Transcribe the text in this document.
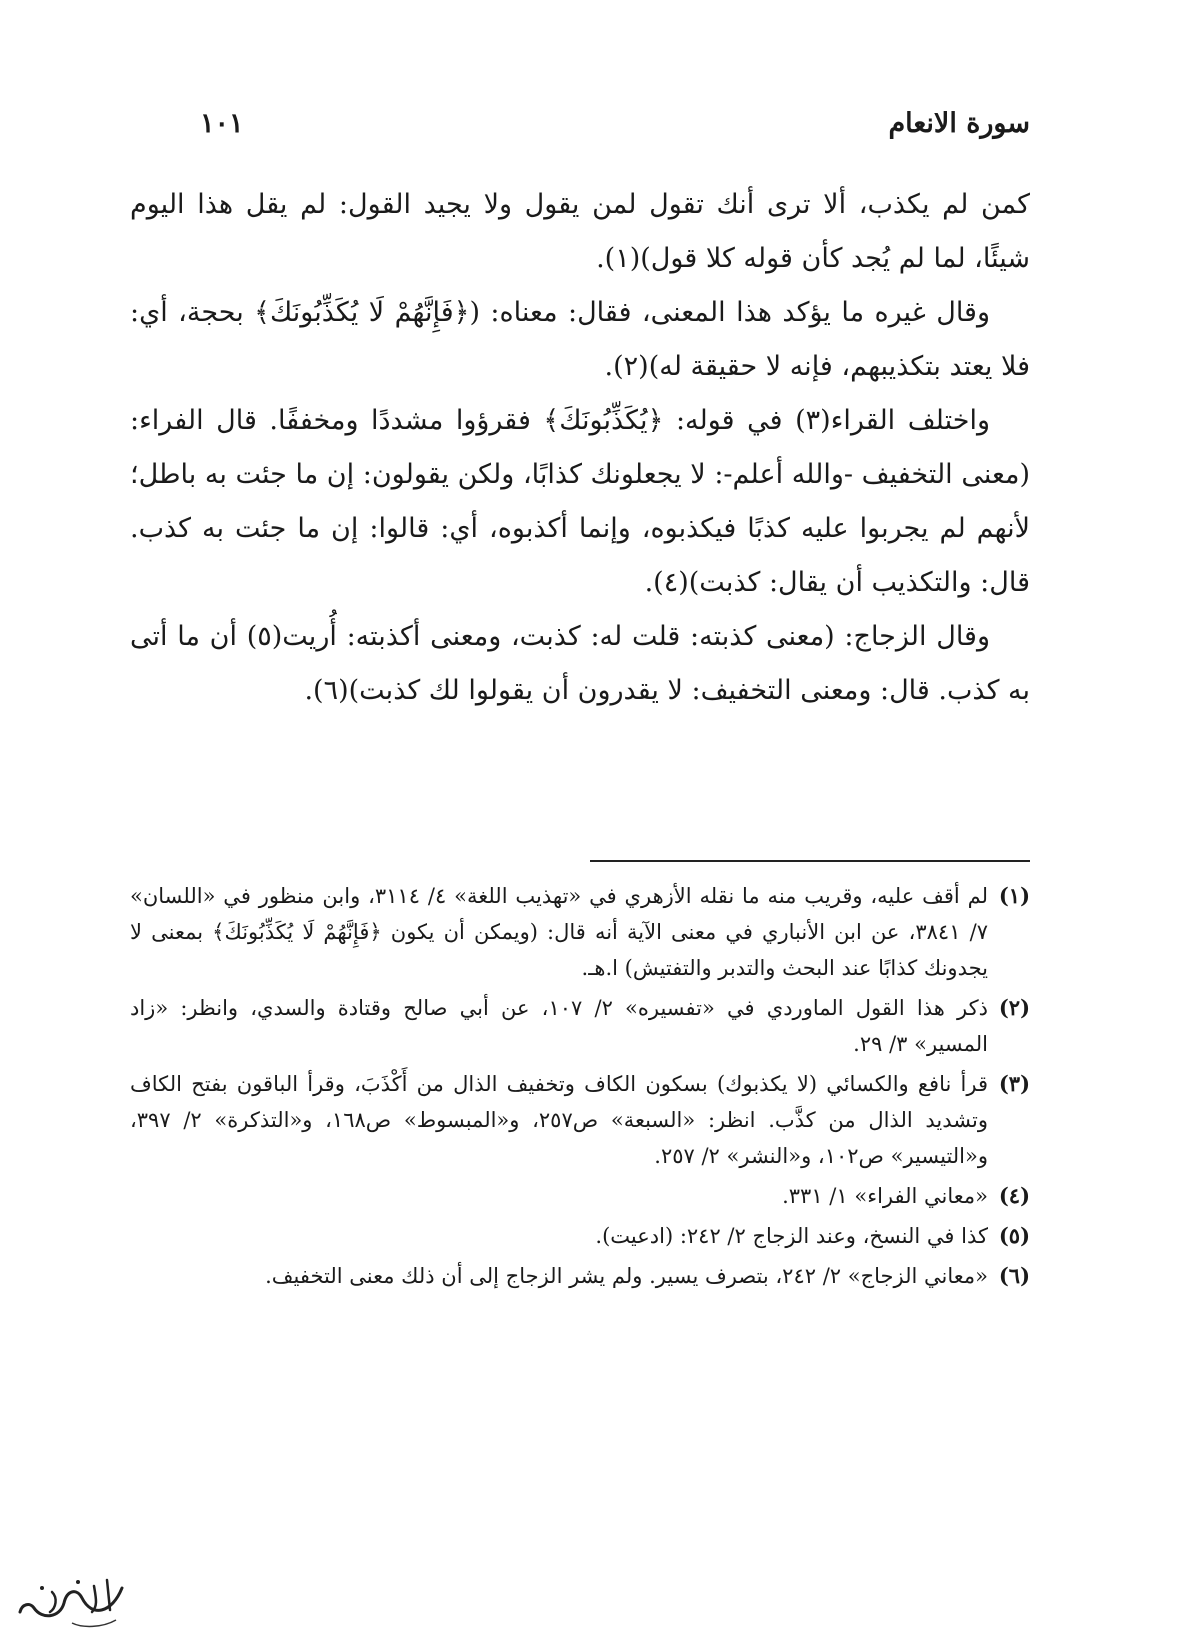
سورة الانعام
١٠١

كمن لم يكذب، ألا ترى أنك تقول لمن يقول ولا يجيد القول: لم يقل هذا اليوم شيئًا، لما لم يُجد كأن قوله كلا قول)(١).

وقال غيره ما يؤكد هذا المعنى، فقال: معناه: (﴿فَإِنَّهُمْ لَا يُكَذِّبُونَكَ﴾ بحجة، أي: فلا يعتد بتكذيبهم، فإنه لا حقيقة له)(٢).

واختلف القراء(٣) في قوله: ﴿يُكَذِّبُونَكَ﴾ فقرؤوا مشددًا ومخففًا. قال الفراء: (معنى التخفيف -والله أعلم-: لا يجعلونك كذابًا، ولكن يقولون: إن ما جئت به باطل؛ لأنهم لم يجربوا عليه كذبًا فيكذبوه، وإنما أكذبوه، أي: قالوا: إن ما جئت به كذب. قال: والتكذيب أن يقال: كذبت)(٤).

وقال الزجاج: (معنى كذبته: قلت له: كذبت، ومعنى أكذبته: أُريت(٥) أن ما أتى به كذب. قال: ومعنى التخفيف: لا يقدرون أن يقولوا لك كذبت)(٦).

(١)
لم أقف عليه، وقريب منه ما نقله الأزهري في «تهذيب اللغة» ٤/ ٣١١٤، وابن منظور في «اللسان» ٧/ ٣٨٤١، عن ابن الأنباري في معنى الآية أنه قال: (ويمكن أن يكون ﴿فَإِنَّهُمْ لَا يُكَذِّبُونَكَ﴾ بمعنى لا يجدونك كذابًا عند البحث والتدبر والتفتيش) ا.هـ.
(٢)
ذكر هذا القول الماوردي في «تفسيره» ٢/ ١٠٧، عن أبي صالح وقتادة والسدي، وانظر: «زاد المسير» ٣/ ٢٩.
(٣)
قرأ نافع والكسائي (لا يكذبوك) بسكون الكاف وتخفيف الذال من أَكْذَبَ، وقرأ الباقون بفتح الكاف وتشديد الذال من كذَّب. انظر: «السبعة» ص٢٥٧، و«المبسوط» ص١٦٨، و«التذكرة» ٢/ ٣٩٧، و«التيسير» ص١٠٢، و«النشر» ٢/ ٢٥٧.
(٤)
«معاني الفراء» ١/ ٣٣١.
(٥)
كذا في النسخ، وعند الزجاج ٢/ ٢٤٢: (ادعيت).
(٦)
«معاني الزجاج» ٢/ ٢٤٢، بتصرف يسير. ولم يشر الزجاج إلى أن ذلك معنى التخفيف.
